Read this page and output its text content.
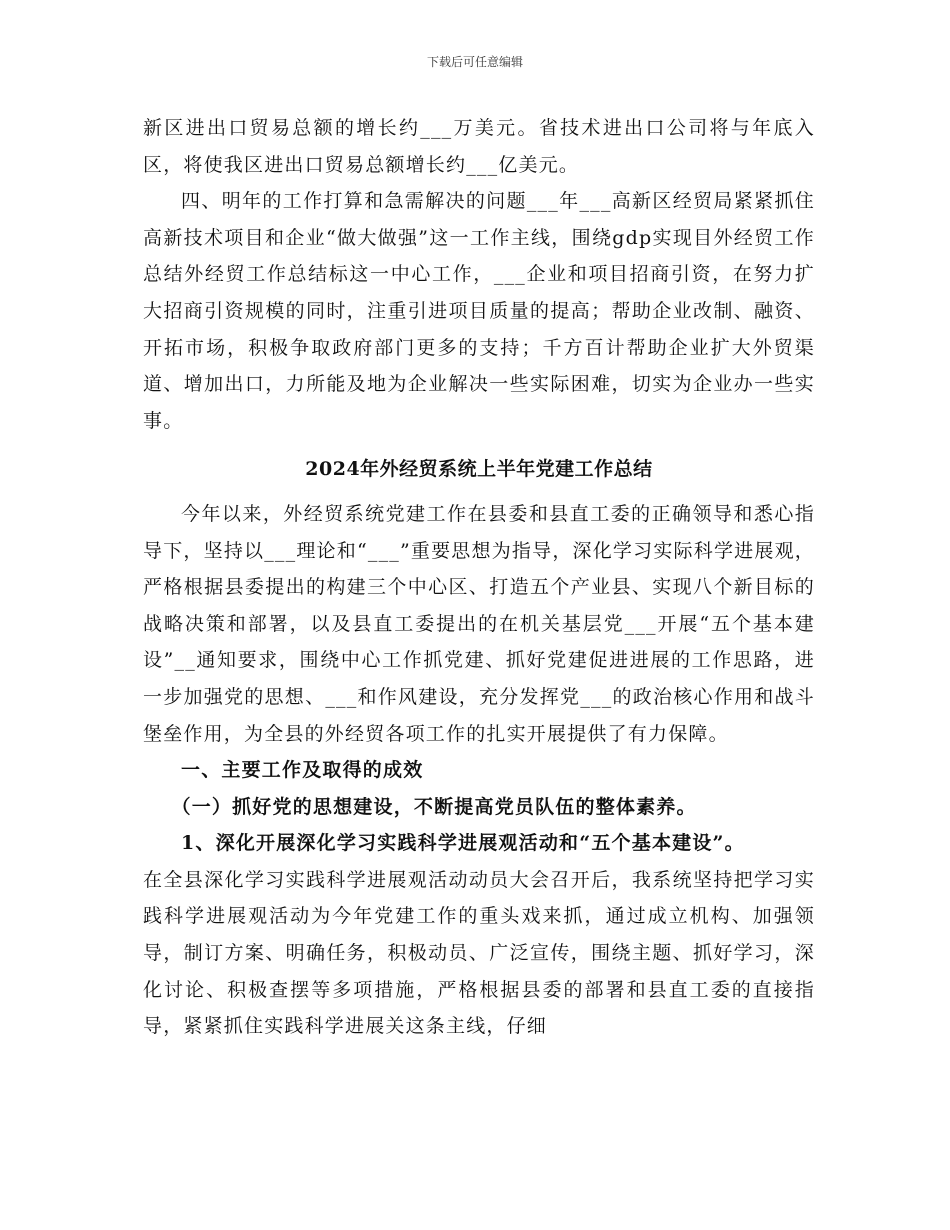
下载后可任意编辑

新区进出口贸易总额的增长约___万美元。省技术进出口公司将与年底入区，将使我区进出口贸易总额增长约___亿美元。

四、明年的工作打算和急需解决的问题___年___高新区经贸局紧紧抓住高新技术项目和企业“做大做强”这一工作主线，围绕gdp实现目外经贸工作总结外经贸工作总结标这一中心工作，___企业和项目招商引资，在努力扩大招商引资规模的同时，注重引进项目质量的提高；帮助企业改制、融资、开拓市场，积极争取政府部门更多的支持；千方百计帮助企业扩大外贸渠道、增加出口，力所能及地为企业解决一些实际困难，切实为企业办一些实事。

2024年外经贸系统上半年党建工作总结

今年以来，外经贸系统党建工作在县委和县直工委的正确领导和悉心指导下，坚持以___理论和“___”重要思想为指导，深化学习实际科学进展观，严格根据县委提出的构建三个中心区、打造五个产业县、实现八个新目标的战略决策和部署，以及县直工委提出的在机关基层党___开展“五个基本建设”__通知要求，围绕中心工作抓党建、抓好党建促进进展的工作思路，进一步加强党的思想、___和作风建设，充分发挥党___的政治核心作用和战斗堡垒作用，为全县的外经贸各项工作的扎实开展提供了有力保障。

一、主要工作及取得的成效

（一）抓好党的思想建设，不断提高党员队伍的整体素养。

1、深化开展深化学习实践科学进展观活动和“五个基本建设”。

在全县深化学习实践科学进展观活动动员大会召开后，我系统坚持把学习实践科学进展观活动为今年党建工作的重头戏来抓，通过成立机构、加强领导，制订方案、明确任务，积极动员、广泛宣传，围绕主题、抓好学习，深化讨论、积极查摆等多项措施，严格根据县委的部署和县直工委的直接指导，紧紧抓住实践科学进展关这条主线，仔细
